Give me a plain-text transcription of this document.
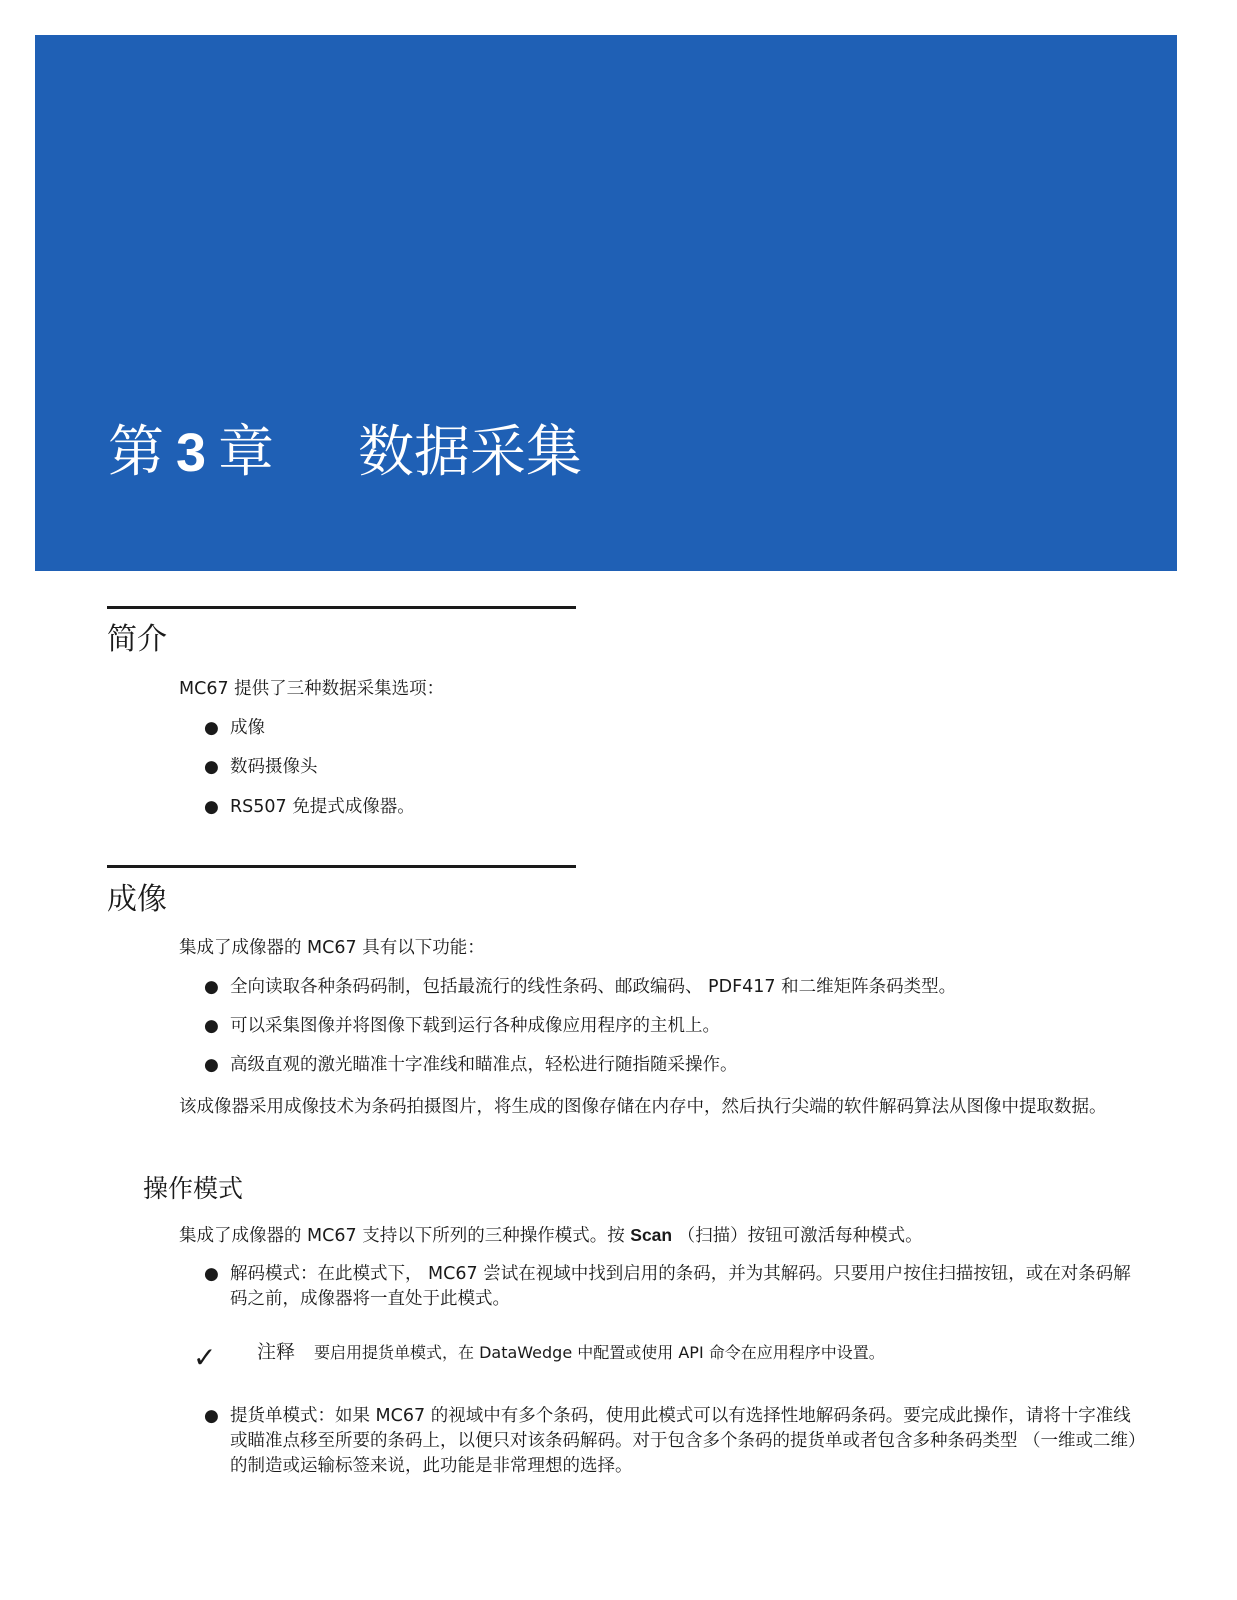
第 3 章 数据采集
简介

MC67 提供了三种数据采集选项：

● 成像

● 数码摄像头

● RS507 免提式成像器。

成像

集成了成像器的 MC67 具有以下功能：

● 全向读取各种条码码制，包括最流行的线性条码、邮政编码、 PDF417 和二维矩阵条码类型。

● 可以采集图像并将图像下载到运行各种成像应用程序的主机上。

● 高级直观的激光瞄准十字准线和瞄准点，轻松进行随指随采操作。

该成像器采用成像技术为条码拍摄图片，将生成的图像存储在内存中，然后执行尖端的软件解码算法从图像中提取数据。

操作模式

集成了成像器的 MC67 支持以下所列的三种操作模式。按 Scan （扫描）按钮可激活每种模式。

● 解码模式：在此模式下， MC67 尝试在视域中找到启用的条码，并为其解码。只要用户按住扫描按钮，或在对条码解码之前，成像器将一直处于此模式。

✓ 注释 要启用提货单模式，在 DataWedge 中配置或使用 API 命令在应用程序中设置。

● 提货单模式：如果 MC67 的视域中有多个条码，使用此模式可以有选择性地解码条码。要完成此操作，请将十字准线或瞄准点移至所要的条码上，以便只对该条码解码。对于包含多个条码的提货单或者包含多种条码类型 （一维或二维）的制造或运输标签来说，此功能是非常理想的选择。
